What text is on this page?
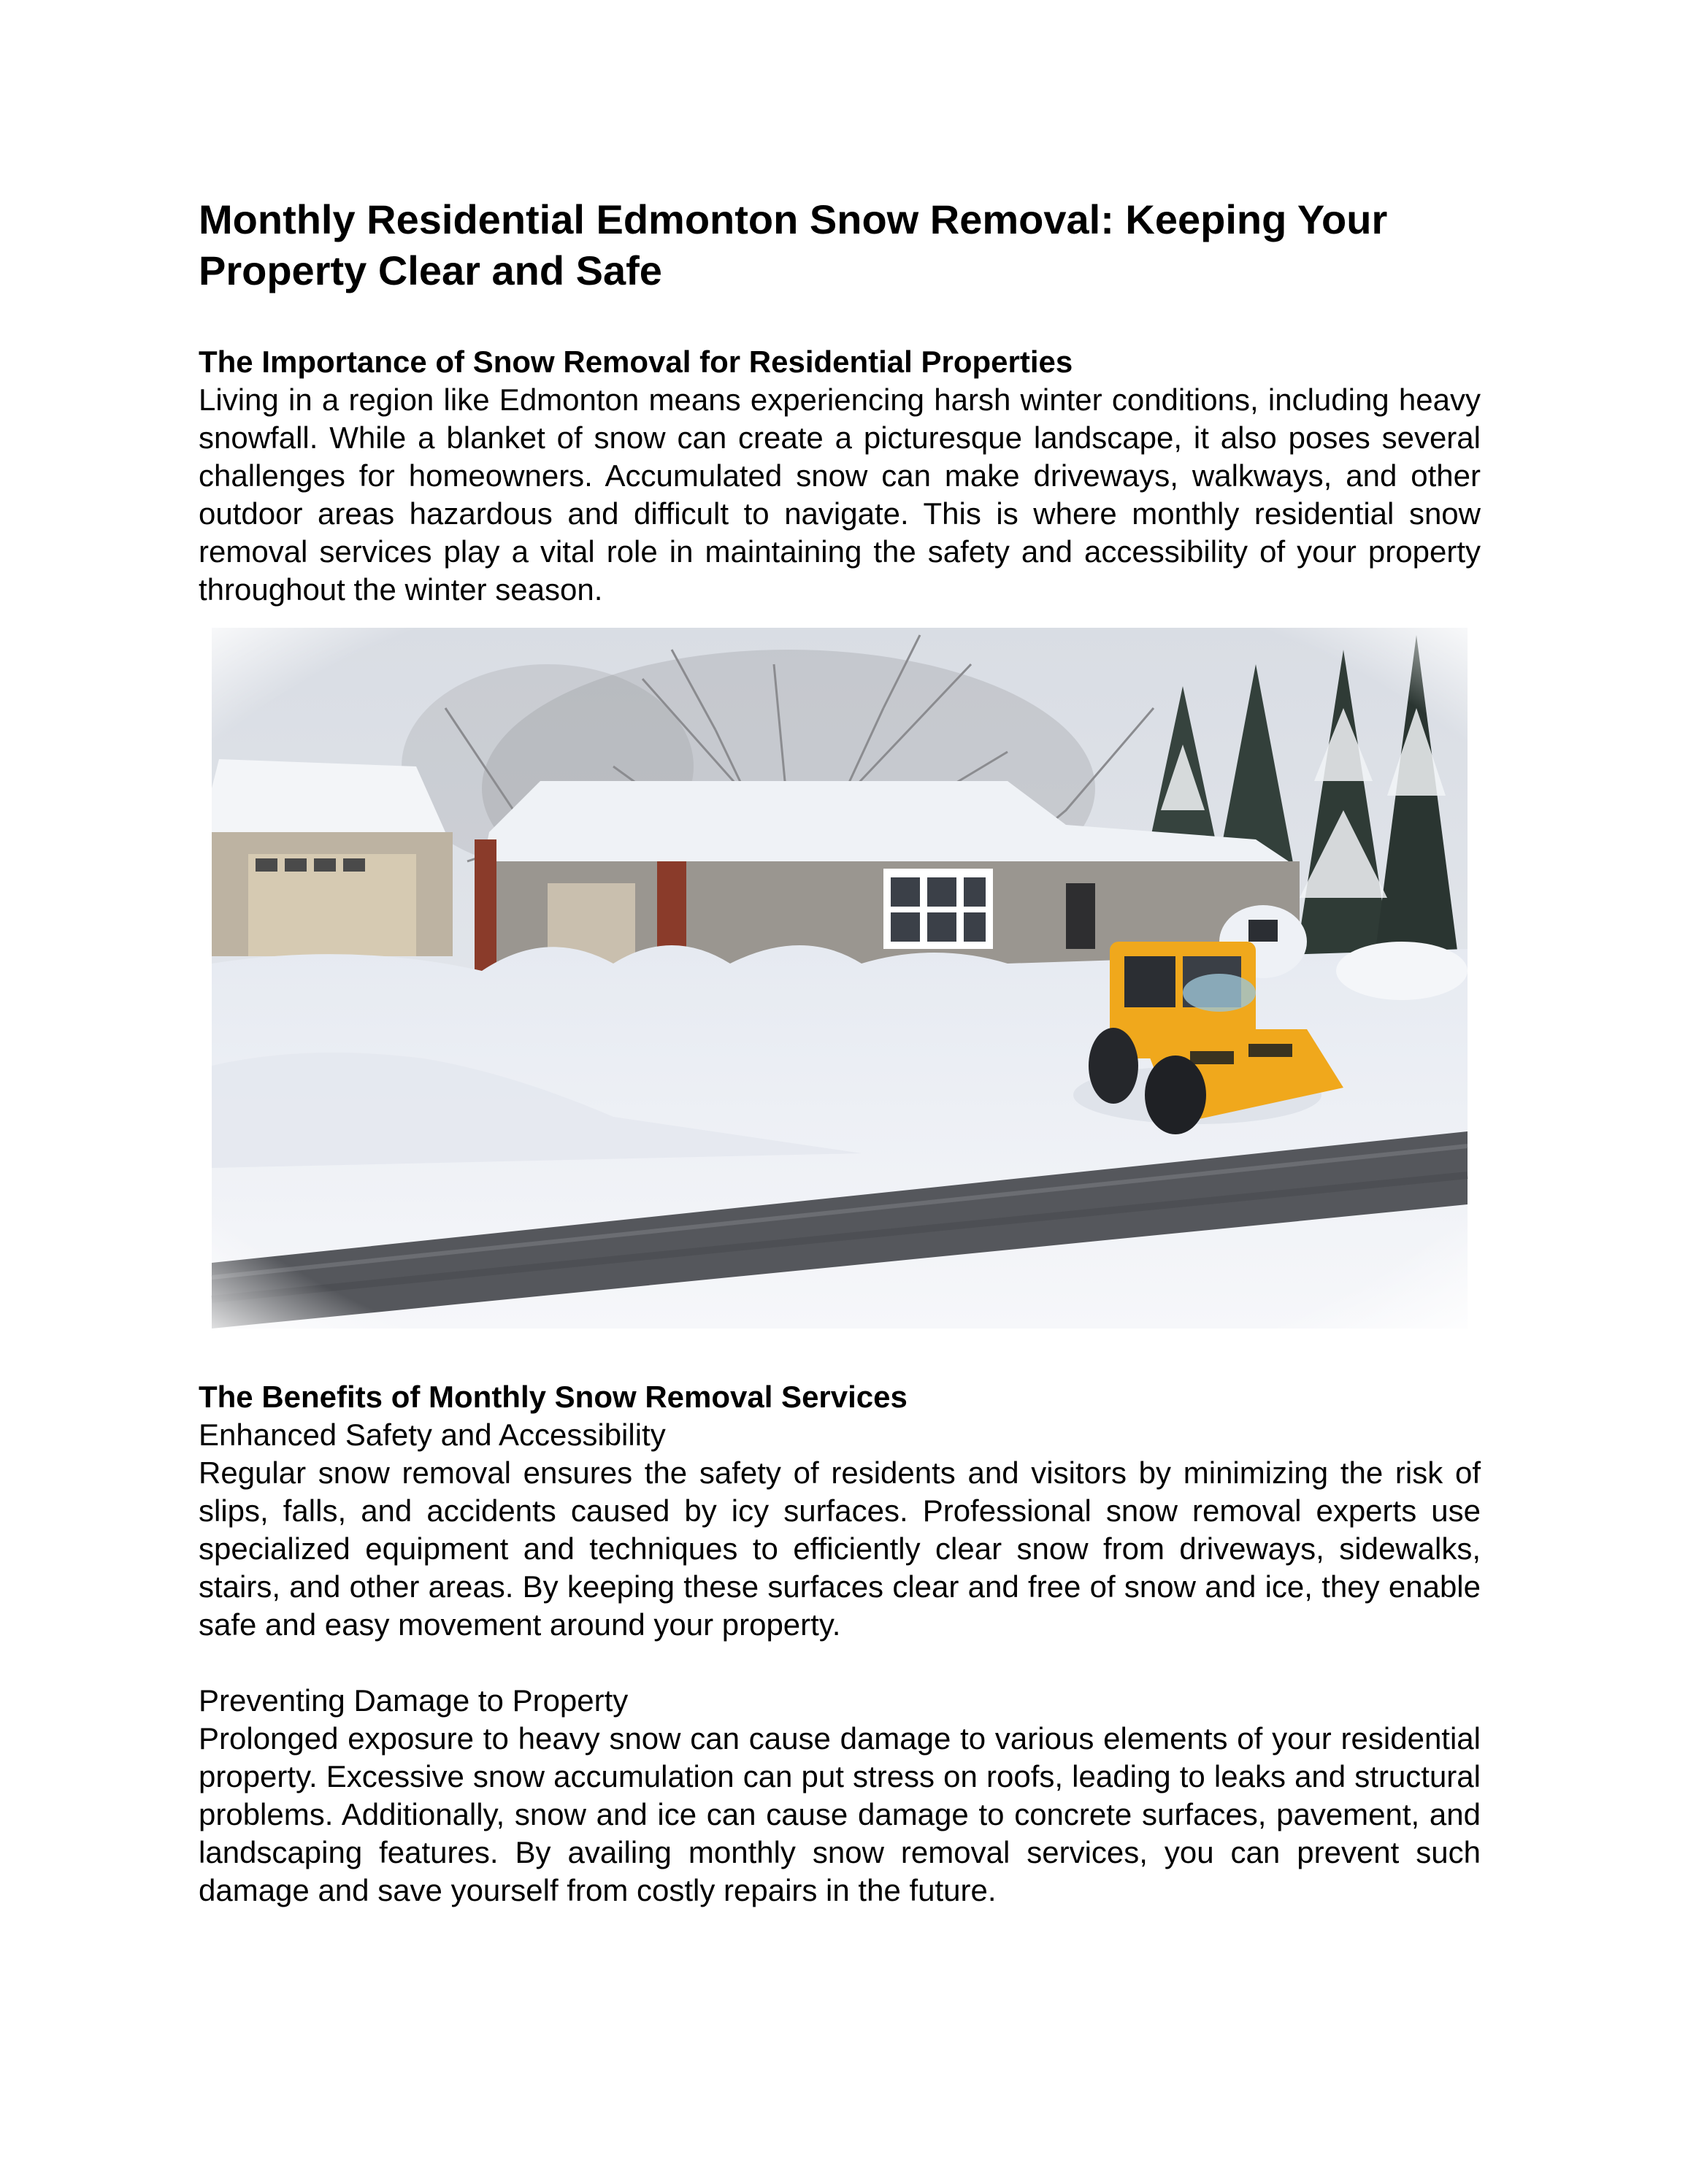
Monthly Residential Edmonton Snow Removal: Keeping Your Property Clear and Safe
The Importance of Snow Removal for Residential Properties

Living in a region like Edmonton means experiencing harsh winter conditions, including heavy snowfall. While a blanket of snow can create a picturesque landscape, it also poses several challenges for homeowners. Accumulated snow can make driveways, walkways, and other outdoor areas hazardous and difficult to navigate. This is where monthly residential snow removal services play a vital role in maintaining the safety and accessibility of your property throughout the winter season.

The Benefits of Monthly Snow Removal Services
Enhanced Safety and Accessibility

Regular snow removal ensures the safety of residents and visitors by minimizing the risk of slips, falls, and accidents caused by icy surfaces. Professional snow removal experts use specialized equipment and techniques to efficiently clear snow from driveways, sidewalks, stairs, and other areas. By keeping these surfaces clear and free of snow and ice, they enable safe and easy movement around your property.

Preventing Damage to Property

Prolonged exposure to heavy snow can cause damage to various elements of your residential property. Excessive snow accumulation can put stress on roofs, leading to leaks and structural problems. Additionally, snow and ice can cause damage to concrete surfaces, pavement, and landscaping features. By availing monthly snow removal services, you can prevent such damage and save yourself from costly repairs in the future.
